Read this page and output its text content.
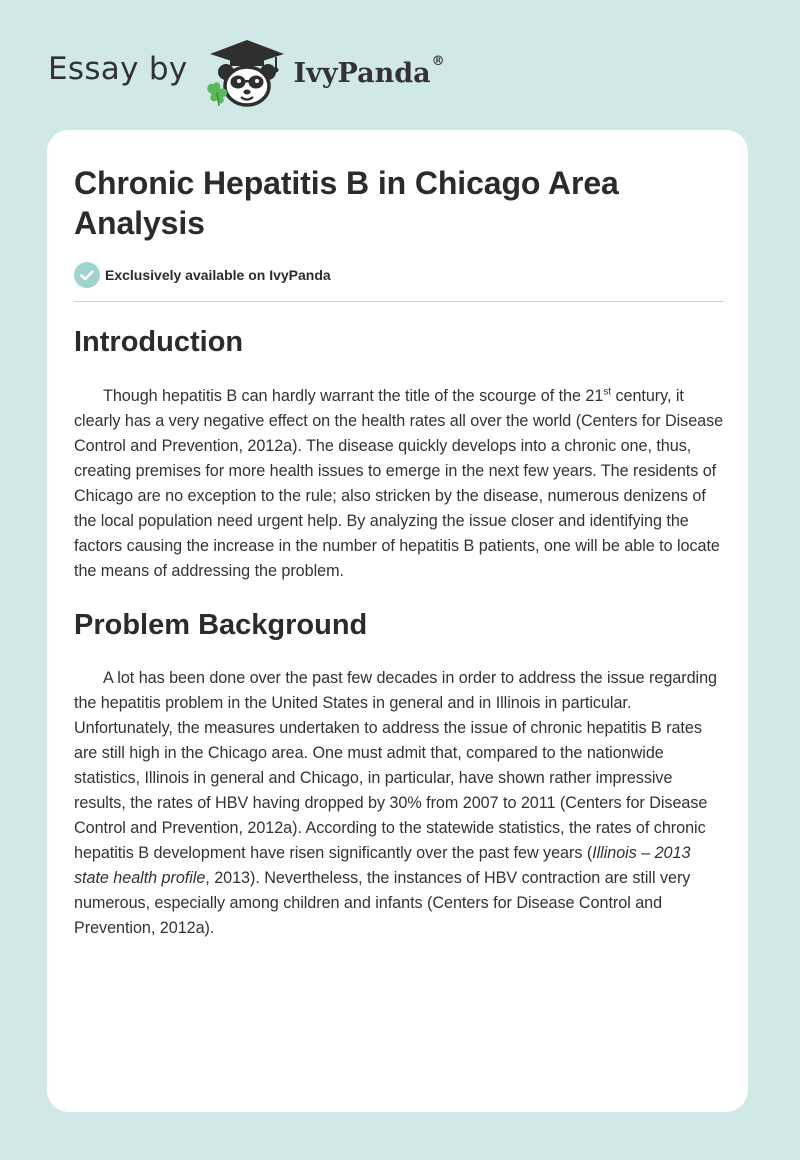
Essay by	IvyPanda®
Chronic Hepatitis B in Chicago Area Analysis
Exclusively available on IvyPanda
Introduction

Though hepatitis B can hardly warrant the title of the scourge of the 21st century, it clearly has a very negative effect on the health rates all over the world (Centers for Disease Control and Prevention, 2012a). The disease quickly develops into a chronic one, thus, creating premises for more health issues to emerge in the next few years. The residents of Chicago are no exception to the rule; also stricken by the disease, numerous denizens of the local population need urgent help. By analyzing the issue closer and identifying the factors causing the increase in the number of hepatitis B patients, one will be able to locate the means of addressing the problem.

Problem Background

A lot has been done over the past few decades in order to address the issue regarding the hepatitis problem in the United States in general and in Illinois in particular. Unfortunately, the measures undertaken to address the issue of chronic hepatitis B rates are still high in the Chicago area. One must admit that, compared to the nationwide statistics, Illinois in general and Chicago, in particular, have shown rather impressive results, the rates of HBV having dropped by 30% from 2007 to 2011 (Centers for Disease Control and Prevention, 2012a). According to the statewide statistics, the rates of chronic hepatitis B development have risen significantly over the past few years (Illinois – 2013 state health profile, 2013). Nevertheless, the instances of HBV contraction are still very numerous, especially among children and infants (Centers for Disease Control and Prevention, 2012a).
